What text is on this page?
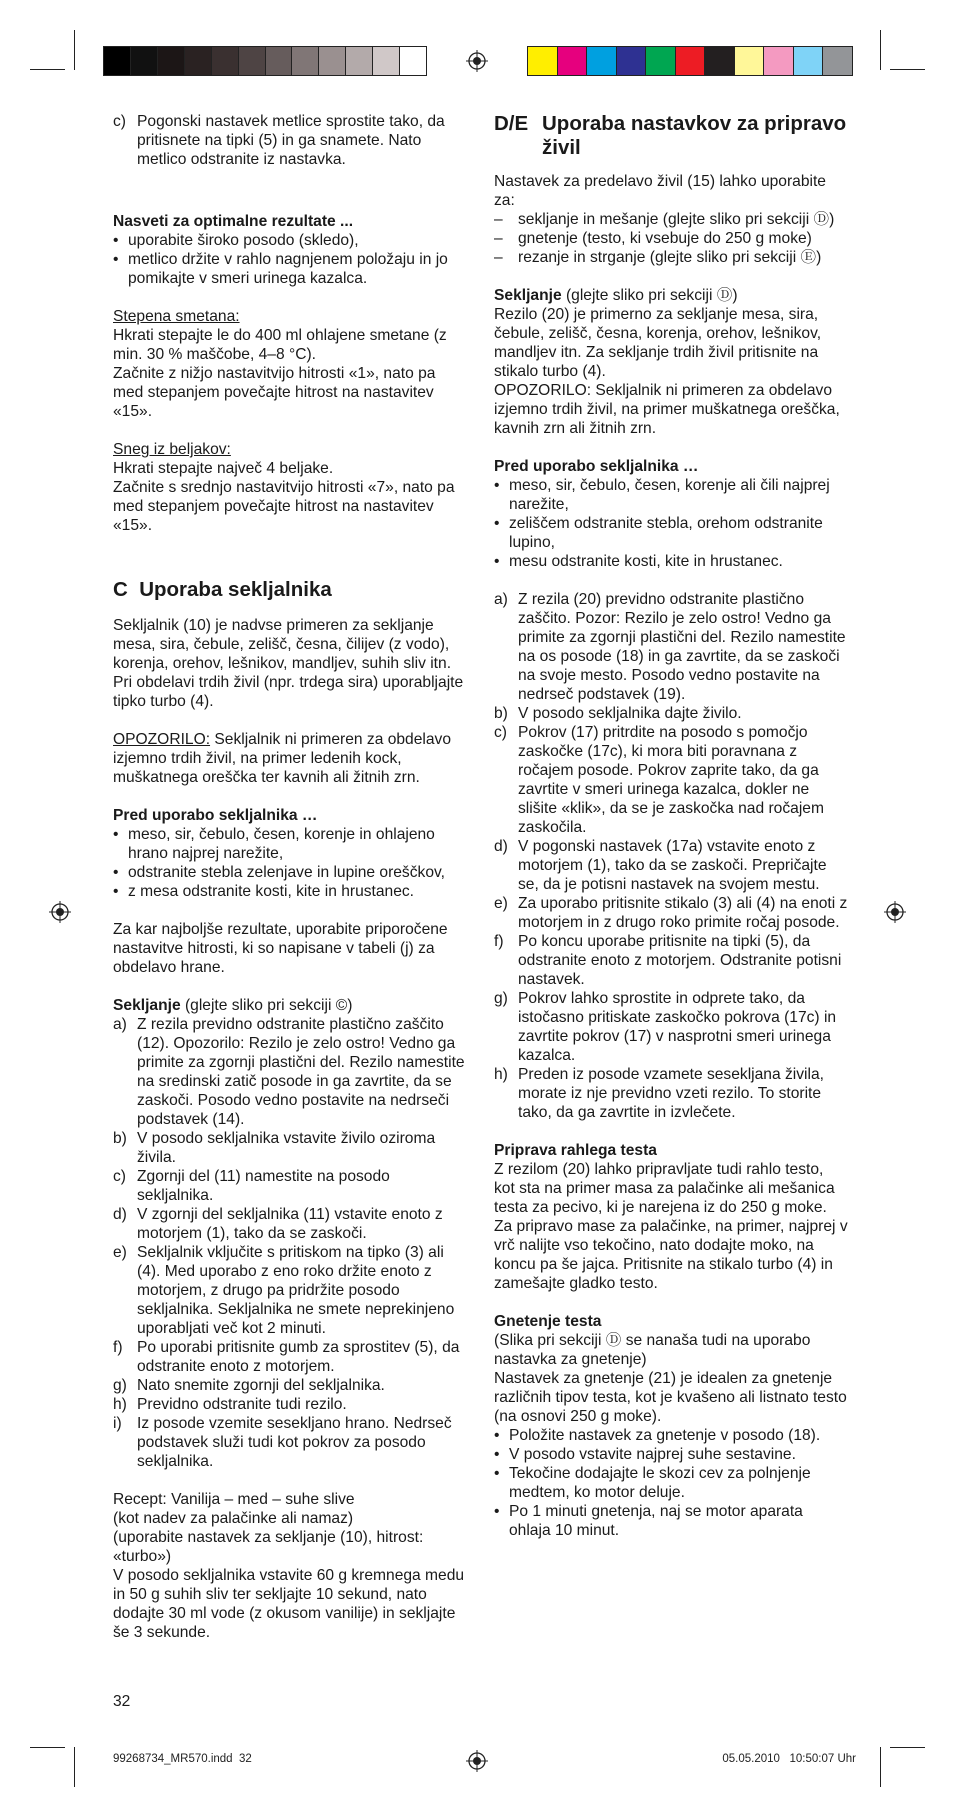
c) Pogonski nastavek metlice sprostite tako, da pritisnete na tipki (5) in ga snamete. Nato metlico odstranite iz nastavka.

Nasveti za optimalne rezultate ...

• uporabite široko posodo (skledo),
• metlico držite v rahlo nagnjenem položaju in jo pomikajte v smeri urinega kazalca.

Stepena smetana:

Hkrati stepajte le do 400 ml ohlajene smetane (z min. 30 % maščobe, 4–8 °C).

Začnite z nižjo nastavitvijo hitrosti «1», nato pa med stepanjem povečajte hitrost na nastavitev «15».

Sneg iz beljakov:

Hkrati stepajte največ 4 beljake.

Začnite s srednjo nastavitvijo hitrosti «7», nato pa med stepanjem povečajte hitrost na nastavitev «15».

C  Uporaba sekljalnika

Sekljalnik (10) je nadvse primeren za sekljanje mesa, sira, čebule, zelišč, česna, čilijev (z vodo), korenja, orehov, lešnikov, mandljev, suhih sliv itn.

Pri obdelavi trdih živil (npr. trdega sira) uporabljajte tipko turbo (4).

OPOZORILO: Sekljalnik ni primeren za obdelavo izjemno trdih živil, na primer ledenih kock, muškatnega oreščka ter kavnih ali žitnih zrn.

Pred uporabo sekljalnika …

• meso, sir, čebulo, česen, korenje in ohlajeno hrano najprej narežite,
• odstranite stebla zelenjave in lupine oreščkov,
• z mesa odstranite kosti, kite in hrustanec.

Za kar najboljše rezultate, uporabite priporočene nastavitve hitrosti, ki so napisane v tabeli (j) za obdelavo hrane.

Sekljanje (glejte sliko pri sekciji ©)

a) Z rezila previdno odstranite plastično zaščito (12). Opozorilo: Rezilo je zelo ostro! Vedno ga primite za zgornji plastični del. Rezilo namestite na sredinski zatič posode in ga zavrtite, da se zaskoči. Posodo vedno postavite na nedrseči podstavek (14).
b) V posodo sekljalnika vstavite živilo oziroma živila.
c) Zgornji del (11) namestite na posodo sekljalnika.
d) V zgornji del sekljalnika (11) vstavite enoto z motorjem (1), tako da se zaskoči.
e) Sekljalnik vključite s pritiskom na tipko (3) ali (4). Med uporabo z eno roko držite enoto z motorjem, z drugo pa pridržite posodo sekljalnika. Sekljalnika ne smete neprekinjeno uporabljati več kot 2 minuti.
f) Po uporabi pritisnite gumb za sprostitev (5), da odstranite enoto z motorjem.
g) Nato snemite zgornji del sekljalnika.
h) Previdno odstranite tudi rezilo.
i) Iz posode vzemite sesekljano hrano. Nedrseč podstavek služi tudi kot pokrov za posodo sekljalnika.

Recept: Vanilija – med – suhe slive

(kot nadev za palačinke ali namaz)

(uporabite nastavek za sekljanje (10), hitrost: «turbo»)

V posodo sekljalnika vstavite 60 g kremnega medu in 50 g suhih sliv ter sekljajte 10 sekund, nato dodajte 30 ml vode (z okusom vanilije) in sekljajte še 3 sekunde.

D/E Uporaba nastavkov za pripravo živil

Nastavek za predelavo živil (15) lahko uporabite za:

– sekljanje in mešanje (glejte sliko pri sekciji Ⓓ)
– gnetenje (testo, ki vsebuje do 250 g moke)
– rezanje in strganje (glejte sliko pri sekciji Ⓔ)

Sekljanje (glejte sliko pri sekciji Ⓓ)

Rezilo (20) je primerno za sekljanje mesa, sira, čebule, zelišč, česna, korenja, orehov, lešnikov, mandljev itn. Za sekljanje trdih živil pritisnite na stikalo turbo (4).

OPOZORILO: Sekljalnik ni primeren za obdelavo izjemno trdih živil, na primer muškatnega oreščka, kavnih zrn ali žitnih zrn.

Pred uporabo sekljalnika …

• meso, sir, čebulo, česen, korenje ali čili najprej narežite,
• zeliščem odstranite stebla, orehom odstranite lupino,
• mesu odstranite kosti, kite in hrustanec.
a) Z rezila (20) previdno odstranite plastično zaščito. Pozor: Rezilo je zelo ostro! Vedno ga primite za zgornji plastični del. Rezilo namestite na os posode (18) in ga zavrtite, da se zaskoči na svoje mesto. Posodo vedno postavite na nedrseč podstavek (19).
b) V posodo sekljalnika dajte živilo.
c) Pokrov (17) pritrdite na posodo s pomočjo zaskočke (17c), ki mora biti poravnana z ročajem posode. Pokrov zaprite tako, da ga zavrtite v smeri urinega kazalca, dokler ne slišite «klik», da se je zaskočka nad ročajem zaskočila.
d) V pogonski nastavek (17a) vstavite enoto z motorjem (1), tako da se zaskoči. Prepričajte se, da je potisni nastavek na svojem mestu.
e) Za uporabo pritisnite stikalo (3) ali (4) na enoti z motorjem in z drugo roko primite ročaj posode.
f) Po koncu uporabe pritisnite na tipki (5), da odstranite enoto z motorjem. Odstranite potisni nastavek.
g) Pokrov lahko sprostite in odprete tako, da istočasno pritiskate zaskočko pokrova (17c) in zavrtite pokrov (17) v nasprotni smeri urinega kazalca.
h) Preden iz posode vzamete sesekljana živila, morate iz nje previdno vzeti rezilo. To storite tako, da ga zavrtite in izvlečete.

Priprava rahlega testa

Z rezilom (20) lahko pripravljate tudi rahlo testo, kot sta na primer masa za palačinke ali mešanica testa za pecivo, ki je narejena iz do 250 g moke.

Za pripravo mase za palačinke, na primer, najprej v vrč nalijte vso tekočino, nato dodajte moko, na koncu pa še jajca. Pritisnite na stikalo turbo (4) in zamešajte gladko testo.

Gnetenje testa

(Slika pri sekciji Ⓓ se nanaša tudi na uporabo nastavka za gnetenje)

Nastavek za gnetenje (21) je idealen za gnetenje različnih tipov testa, kot je kvašeno ali listnato testo (na osnovi 250 g moke).

• Položite nastavek za gnetenje v posodo (18).
• V posodo vstavite najprej suhe sestavine.
• Tekočine dodajajte le skozi cev za polnjenje medtem, ko motor deluje.
• Po 1 minuti gnetenja, naj se motor aparata ohlaja 10 minut.
32
99268734_MR570.indd  32	05.05.2010   10:50:07 Uhr
